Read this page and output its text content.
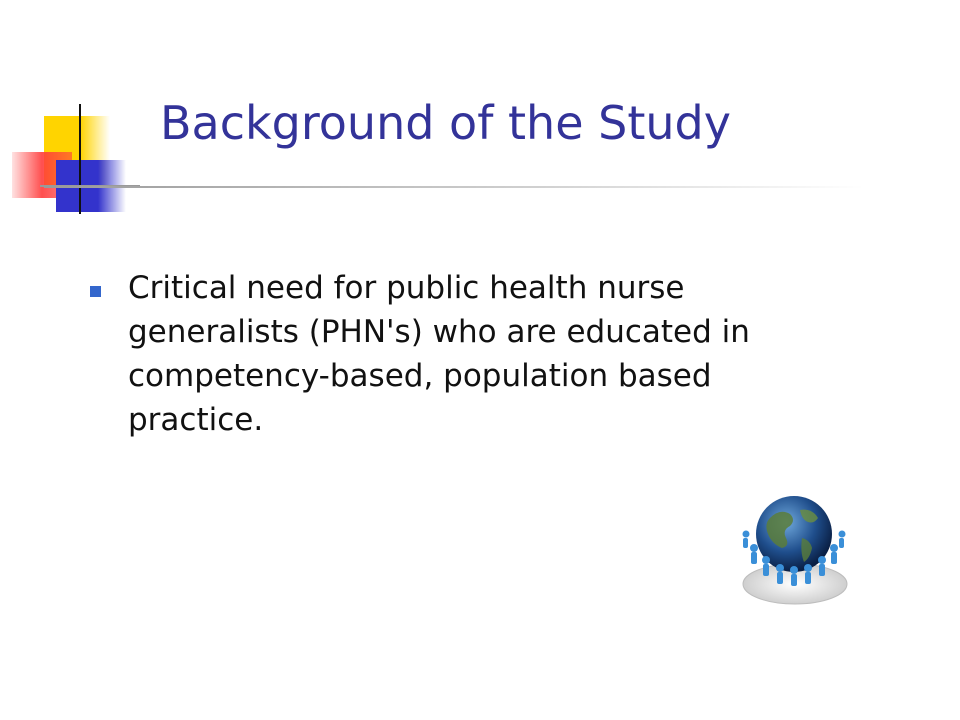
Background of the Study
Critical need for public health nurse
generalists (PHN's) who are educated in
competency-based, population based
practice.
